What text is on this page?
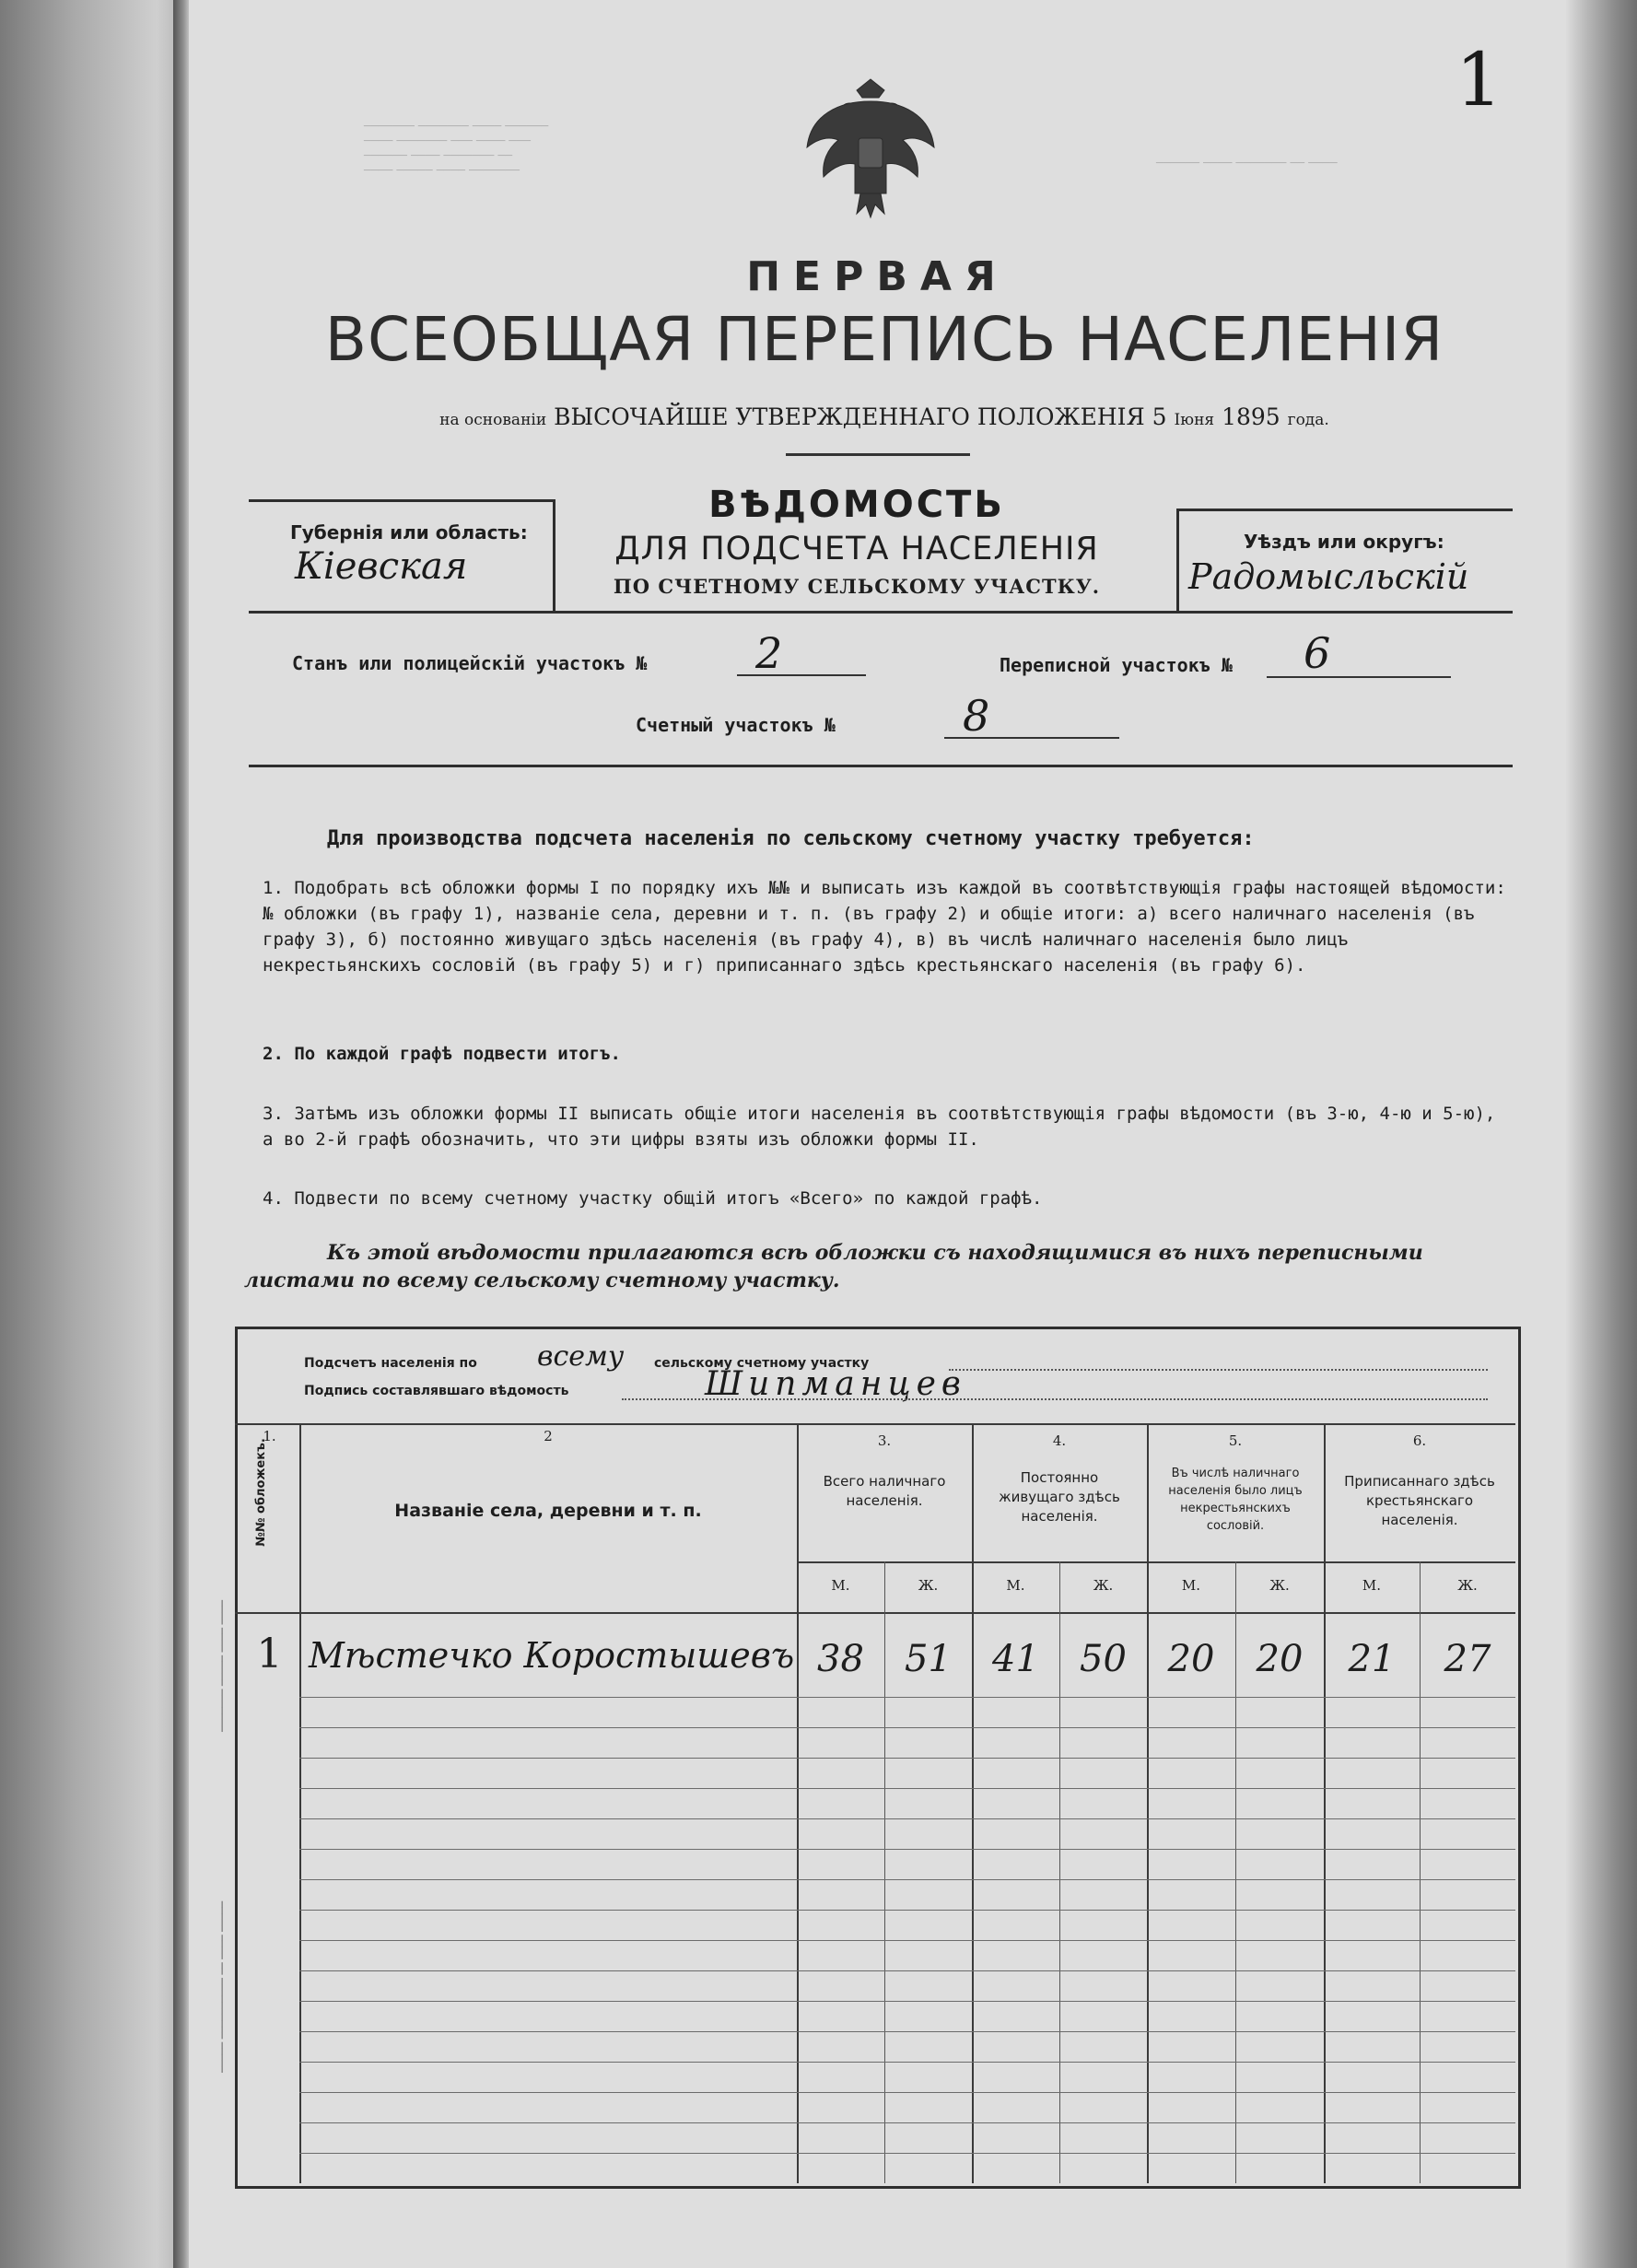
─────── ─────── ──── ──────
──── ─────── ─── ──── ───
────── ──── ─────── ──
──── ───── ──── ───────
────── ──── ─────── ── ────
1
ПЕРВАЯ
ВСЕОБЩАЯ ПЕРЕПИСЬ НАСЕЛЕНІЯ
на основаніи ВЫСОЧАЙШЕ УТВЕРЖДЕННАГО ПОЛОЖЕНІЯ 5 Іюня 1895 года.
Губернія или область:
Кіевская
ВѢДОМОСТЬ
ДЛЯ ПОДСЧЕТА НАСЕЛЕНІЯ
ПО СЧЕТНОМУ СЕЛЬСКОМУ УЧАСТКУ.
Уѣздъ или округъ:
Радомысльскій
Станъ или полицейскій участокъ №	2	Переписной участокъ № 6
Счетный участокъ №	8
Для производства подсчета населенія по сельскому счетному участку требуется:
1. Подобрать всѣ обложки формы I по порядку ихъ №№ и выписать изъ каждой въ соотвѣтствующія графы настоящей вѣдомости: № обложки (въ графу 1), названіе села, деревни и т. п. (въ графу 2) и общіе итоги: а) всего наличнаго населенія (въ графу 3), б) постоянно живущаго здѣсь населенія (въ графу 4), в) въ числѣ наличнаго населенія было лицъ некрестьянскихъ сословій (въ графу 5) и г) приписаннаго здѣсь крестьянскаго населенія (въ графу 6).
2. По каждой графѣ подвести итогъ.
3. Затѣмъ изъ обложки формы II выписать общіе итоги населенія въ соотвѣтствующія графы вѣдомости (въ 3-ю, 4-ю и 5-ю), а во 2-й графѣ обозначить, что эти цифры взяты изъ обложки формы II.
4. Подвести по всему счетному участку общій итогъ «Всего» по каждой графѣ.
Къ этой вѣдомости прилагаются всѣ обложки съ находящимися въ нихъ переписными листами по всему сельскому счетному участку.
─────── ───── ──── ────
───── ────────── ── ──── ─────
Подсчетъ населенія по всему сельскому счетному участку
Подпись составлявшаго вѣдомость	Шипманцев
1.	2	3.	4.	5.	6.
№№ обложекъ.	Названіе села, деревни и т. п.
Всего наличнаго населенія.
Постоянно живущаго здѣсь населенія.
Въ числѣ наличнаго населенія было лицъ некрестьянскихъ сословій.
Приписаннаго здѣсь крестьянскаго населенія.
М.	Ж.	М.	Ж.	М.	Ж.	М.	Ж.
1 Мѣстечко Коростышевъ 38	51	41	50	20	20	21	27
